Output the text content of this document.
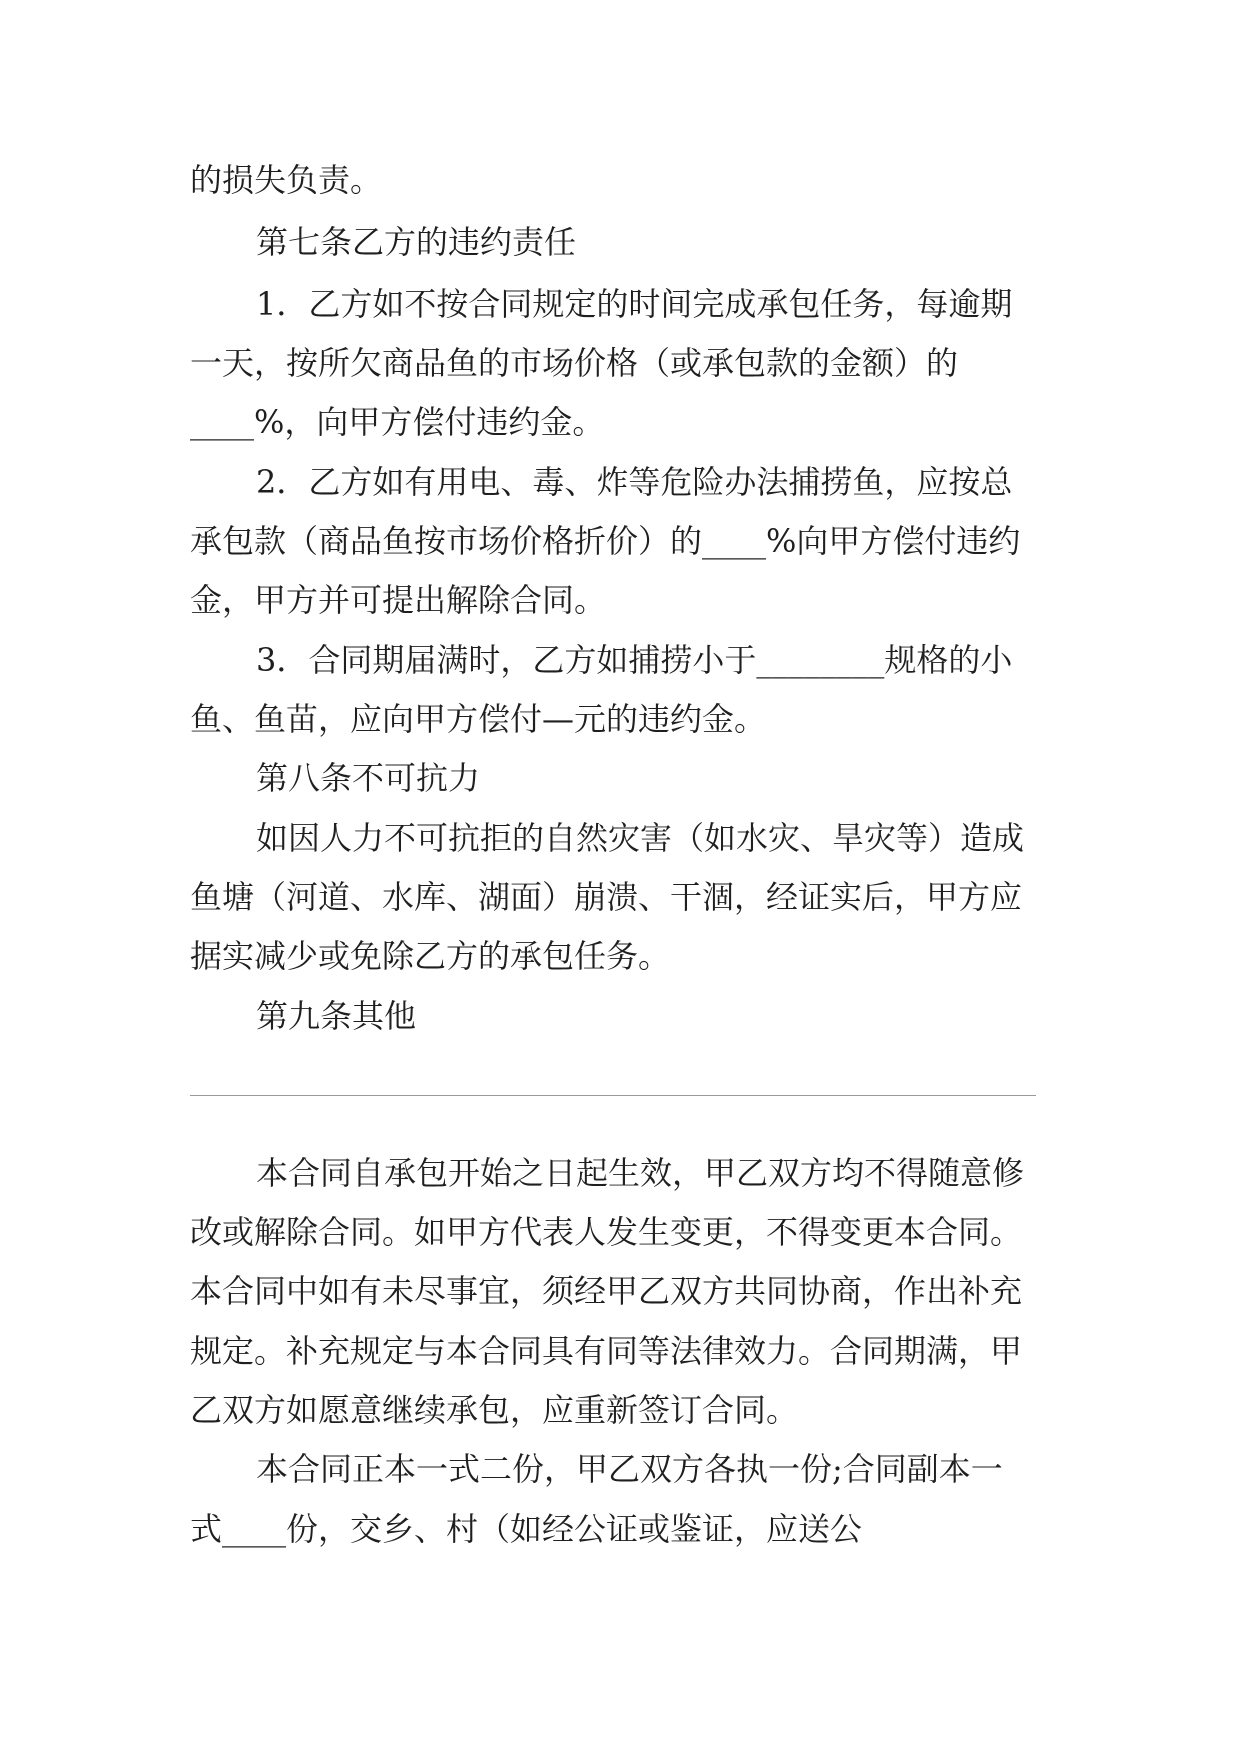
的损失负责。

第七条乙方的违约责任

1．乙方如不按合同规定的时间完成承包任务，每逾期

一天，按所欠商品鱼的市场价格（或承包款的金额）的

____%，向甲方偿付违约金。

2．乙方如有用电、毒、炸等危险办法捕捞鱼，应按总

承包款（商品鱼按市场价格折价）的____%向甲方偿付违约

金，甲方并可提出解除合同。

3．合同期届满时，乙方如捕捞小于________规格的小

鱼、鱼苗，应向甲方偿付—元的违约金。

第八条不可抗力

如因人力不可抗拒的自然灾害（如水灾、旱灾等）造成

鱼塘（河道、水库、湖面）崩溃、干涸，经证实后，甲方应

据实减少或免除乙方的承包任务。

第九条其他

本合同自承包开始之日起生效，甲乙双方均不得随意修

改或解除合同。如甲方代表人发生变更，不得变更本合同。

本合同中如有未尽事宜，须经甲乙双方共同协商，作出补充

规定。补充规定与本合同具有同等法律效力。合同期满，甲

乙双方如愿意继续承包，应重新签订合同。

本合同正本一式二份，甲乙双方各执一份;合同副本一

式____份，交乡、村（如经公证或鉴证，应送公
